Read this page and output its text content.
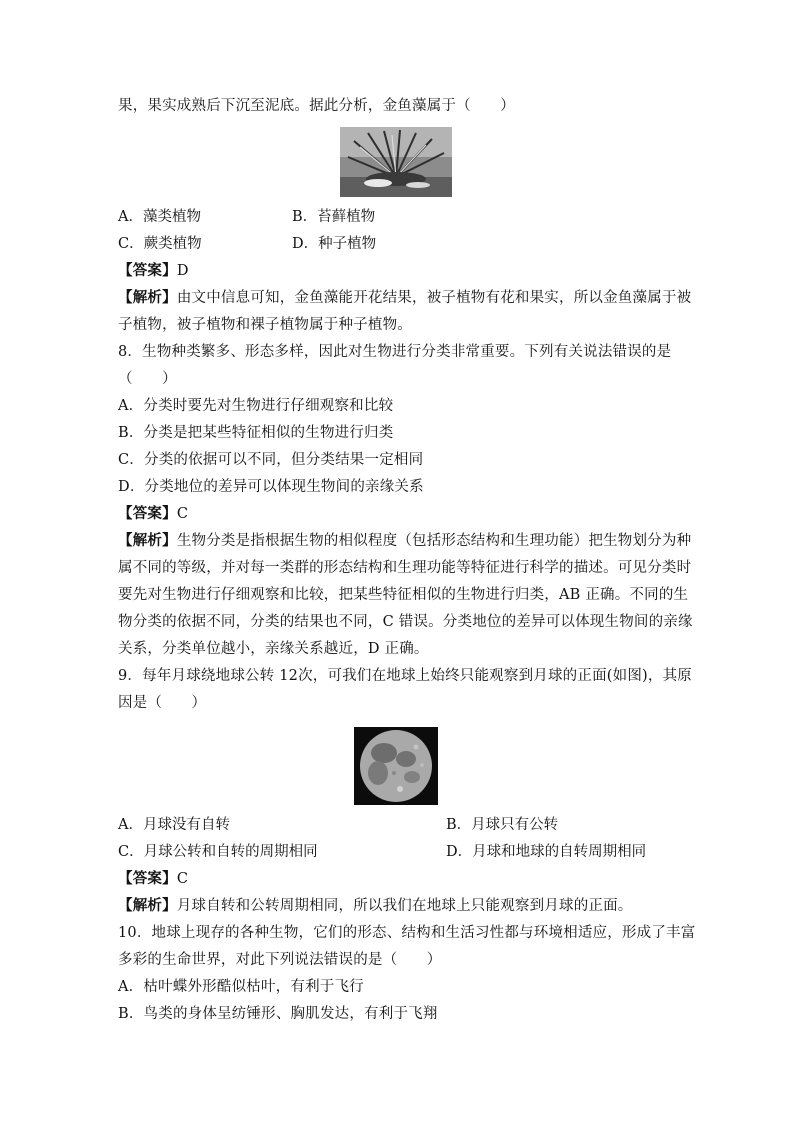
果，果实成熟后下沉至泥底。据此分析，金鱼藻属于（　　）
A．藻类植物	B．苔藓植物
C．蕨类植物	D．种子植物
【答案】D
【解析】由文中信息可知，金鱼藻能开花结果，被子植物有花和果实，所以金鱼藻属于被
子植物，被子植物和裸子植物属于种子植物。
8．生物种类繁多、形态多样，因此对生物进行分类非常重要。下列有关说法错误的是
（　　）
A．分类时要先对生物进行仔细观察和比较
B．分类是把某些特征相似的生物进行归类
C．分类的依据可以不同，但分类结果一定相同
D．分类地位的差异可以体现生物间的亲缘关系
【答案】C
【解析】生物分类是指根据生物的相似程度（包括形态结构和生理功能）把生物划分为种
属不同的等级，并对每一类群的形态结构和生理功能等特征进行科学的描述。可见分类时
要先对生物进行仔细观察和比较，把某些特征相似的生物进行归类，AB 正确。不同的生
物分类的依据不同，分类的结果也不同，C 错误。分类地位的差异可以体现生物间的亲缘
关系，分类单位越小，亲缘关系越近，D 正确。
9．每年月球绕地球公转 12次，可我们在地球上始终只能观察到月球的正面(如图)，其原
因是（　　）
A．月球没有自转	B．月球只有公转
C．月球公转和自转的周期相同	D．月球和地球的自转周期相同
【答案】C
【解析】月球自转和公转周期相同，所以我们在地球上只能观察到月球的正面。
10．地球上现存的各种生物，它们的形态、结构和生活习性都与环境相适应，形成了丰富
多彩的生命世界，对此下列说法错误的是（　　）
A．枯叶蝶外形酷似枯叶，有利于飞行
B．鸟类的身体呈纺锤形、胸肌发达，有利于飞翔
